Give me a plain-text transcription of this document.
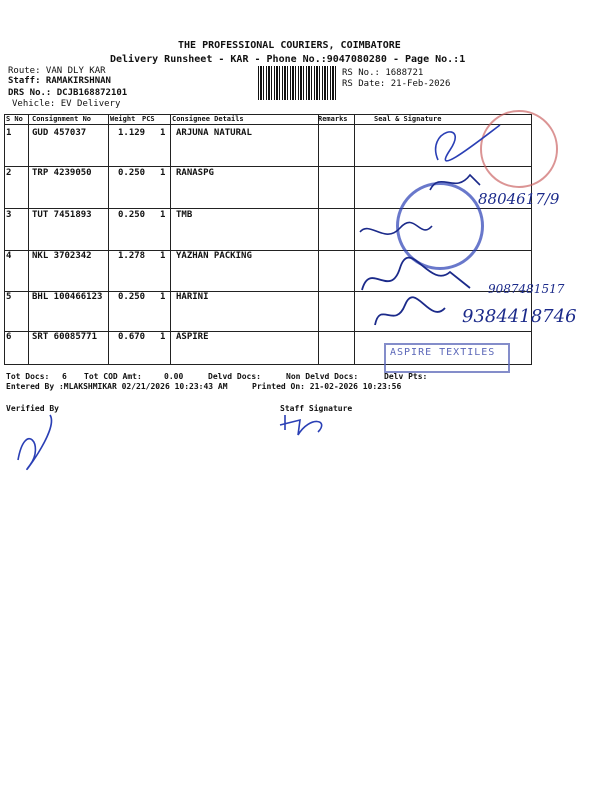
THE PROFESSIONAL COURIERS, COIMBATORE
Delivery Runsheet - KAR - Phone No.:9047080280 - Page No.:1
Route: VAN DLY KAR
Staff: RAMAKIRSHNAN
DRS No.: DCJB168872101
Vehicle: EV Delivery
RS No.: 1688721
RS Date: 21-Feb-2026
S No Consignment No	Weight PCS Consignee Details	Remarks	Seal & Signature
1 GUD 457037	1.129 1 ARJUNA NATURAL
2 TRP 4239050	0.250 1 RANASPG
3 TUT 7451893	0.250 1 TMB
4 NKL 3702342	1.278 1 YAZHAN PACKING
5 BHL 100466123 0.250 1 HARINI
6 SRT 60085771 0.670 1 ASPIRE
ASPIRE TEXTILES
8804617/9
9087481517
9384418746
Tot Docs: 6 Tot COD Amt:	0.00	Delvd Docs:	Non Delvd Docs:	Delv Pts:
Entered By :MLAKSHMIKAR 02/21/2026 10:23:43 AM	Printed On: 21-02-2026 10:23:56
Verified By	Staff Signature
